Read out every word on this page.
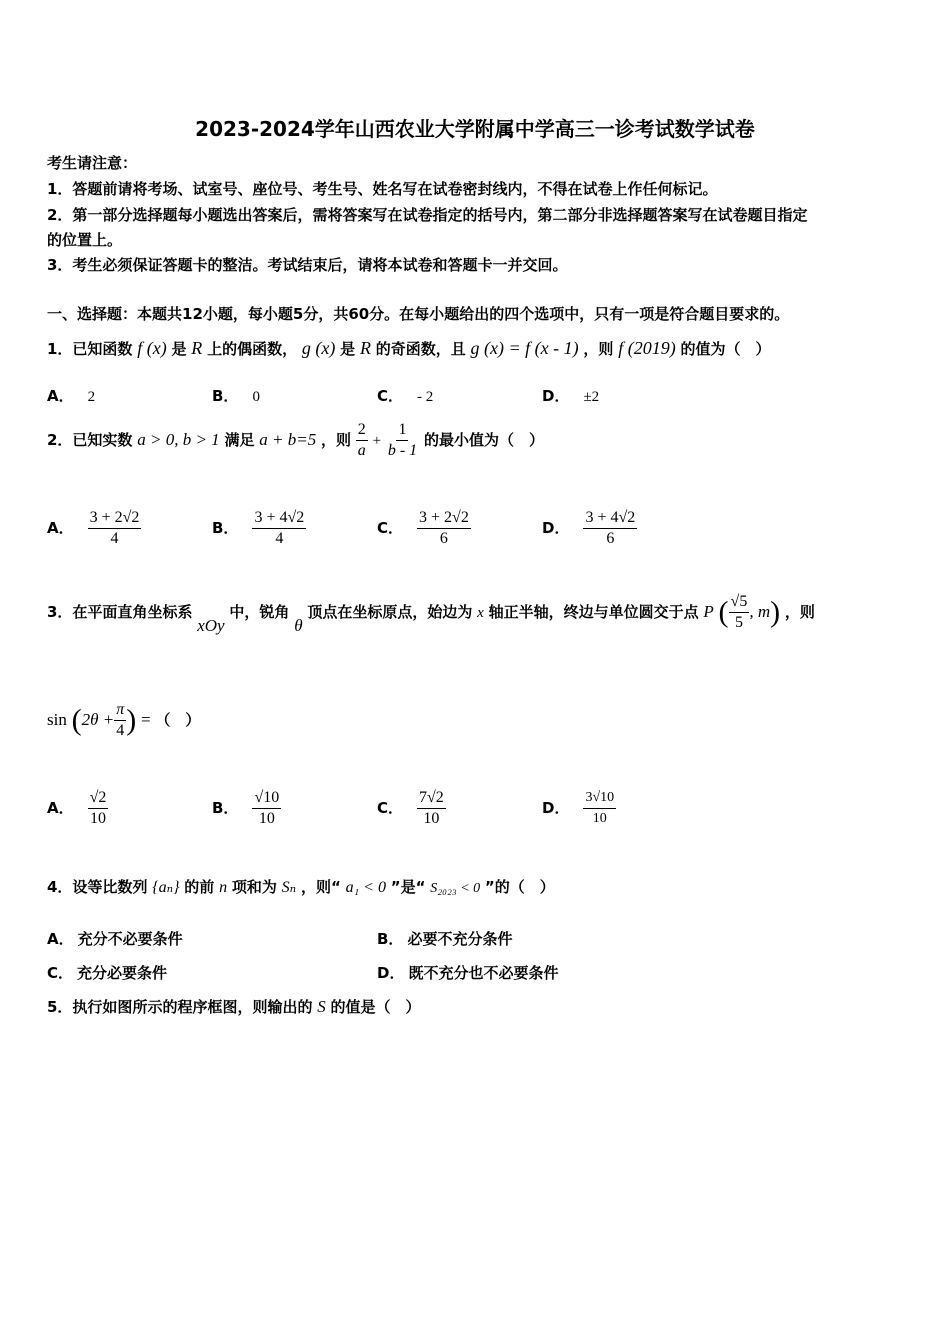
2023-2024学年山西农业大学附属中学高三一诊考试数学试卷
考生请注意：
1．答题前请将考场、试室号、座位号、考生号、姓名写在试卷密封线内，不得在试卷上作任何标记。
2．第一部分选择题每小题选出答案后，需将答案写在试卷指定的括号内，第二部分非选择题答案写在试卷题目指定
的位置上。
3．考生必须保证答题卡的整洁。考试结束后，请将本试卷和答题卡一并交回。
一、选择题：本题共12小题，每小题5分，共60分。在每小题给出的四个选项中，只有一项是符合题目要求的。
1．已知函数 f (x) 是 R 上的偶函数， g (x) 是 R 的奇函数，且 g (x) = f (x - 1) ，则 f (2019) 的值为（　）
A． 2	B． 0	C． - 2	D． ±2
2．已知实数 a > 0, b > 1 满足 a + b=5 ，则 $\frac{2}{a} + \frac{1}{b - 1}$ 的最小值为（　）
A． $\frac{3 + 2√2}{4}$	B． $\frac{3 + 4√2}{4}$	C． $\frac{3 + 2√2}{6}$	D． $\frac{3 + 4√2}{6}$
3．在平面直角坐标系 xOy 中，锐角 θ 顶点在坐标原点，始边为 x 轴正半轴，终边与单位圆交于点 P ( $\frac{√5}{5}$ , m) ，则
$\sin (2\theta + \frac{\pi}{4}$ ) = （　）
A． $\frac{√2}{10}$	B． $\frac{√10}{10}$	C． $\frac{7√2}{10}$	D． $\frac{3√10}{10}$
4．设等比数列 {aₙ} 的前 n 项和为 Sₙ ，则“ a₁ < 0 ”是“ S₂₀₂₃ < 0 ”的（　）
A． 充分不必要条件	B． 必要不充分条件
C． 充分必要条件	D． 既不充分也不必要条件
5．执行如图所示的程序框图，则输出的 S 的值是（　）
